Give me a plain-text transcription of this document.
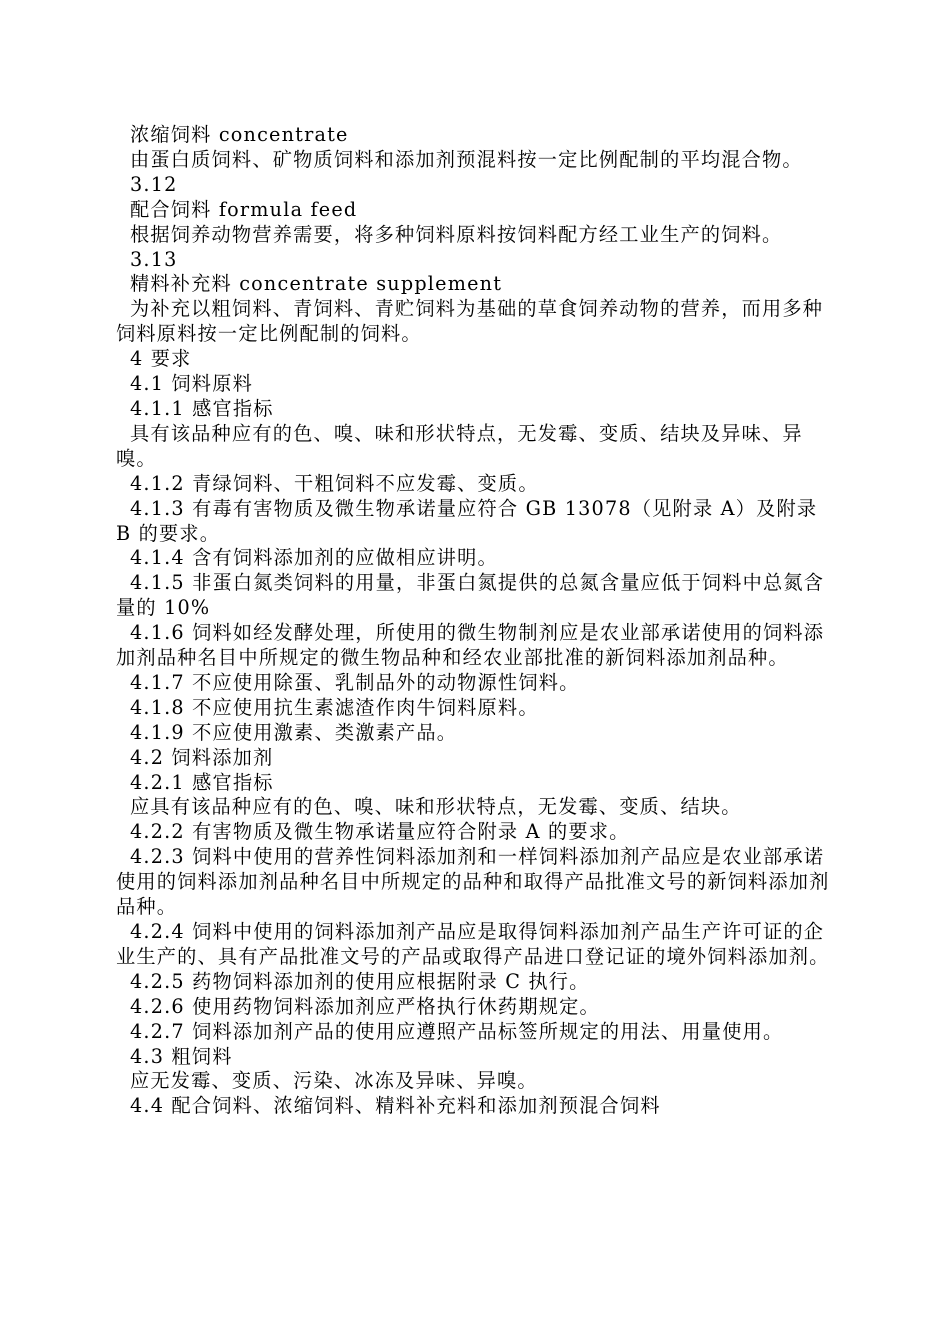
浓缩饲料 concentrate

由蛋白质饲料、矿物质饲料和添加剂预混料按一定比例配制的平均混合物。

3.12

配合饲料 formula feed

根据饲养动物营养需要，将多种饲料原料按饲料配方经工业生产的饲料。

3.13

精料补充料 concentrate supplement

为补充以粗饲料、青饲料、青贮饲料为基础的草食饲养动物的营养，而用多种饲料原料按一定比例配制的饲料。

4 要求

4.1 饲料原料

4.1.1 感官指标

具有该品种应有的色、嗅、味和形状特点，无发霉、变质、结块及异味、异嗅。

4.1.2 青绿饲料、干粗饲料不应发霉、变质。

4.1.3 有毒有害物质及微生物承诺量应符合 GB 13078（见附录 A）及附录 B 的要求。

4.1.4 含有饲料添加剂的应做相应讲明。

4.1.5 非蛋白氮类饲料的用量，非蛋白氮提供的总氮含量应低于饲料中总氮含量的 10%

4.1.6 饲料如经发酵处理，所使用的微生物制剂应是农业部承诺使用的饲料添加剂品种名目中所规定的微生物品种和经农业部批准的新饲料添加剂品种。

4.1.7 不应使用除蛋、乳制品外的动物源性饲料。

4.1.8 不应使用抗生素滤渣作肉牛饲料原料。

4.1.9 不应使用激素、类激素产品。

4.2 饲料添加剂

4.2.1 感官指标

应具有该品种应有的色、嗅、味和形状特点，无发霉、变质、结块。

4.2.2 有害物质及微生物承诺量应符合附录 A 的要求。

4.2.3 饲料中使用的营养性饲料添加剂和一样饲料添加剂产品应是农业部承诺使用的饲料添加剂品种名目中所规定的品种和取得产品批准文号的新饲料添加剂品种。

4.2.4 饲料中使用的饲料添加剂产品应是取得饲料添加剂产品生产许可证的企业生产的、具有产品批准文号的产品或取得产品进口登记证的境外饲料添加剂。

4.2.5 药物饲料添加剂的使用应根据附录 C 执行。

4.2.6 使用药物饲料添加剂应严格执行休药期规定。

4.2.7 饲料添加剂产品的使用应遵照产品标签所规定的用法、用量使用。

4.3 粗饲料

应无发霉、变质、污染、冰冻及异味、异嗅。

4.4 配合饲料、浓缩饲料、精料补充料和添加剂预混合饲料
